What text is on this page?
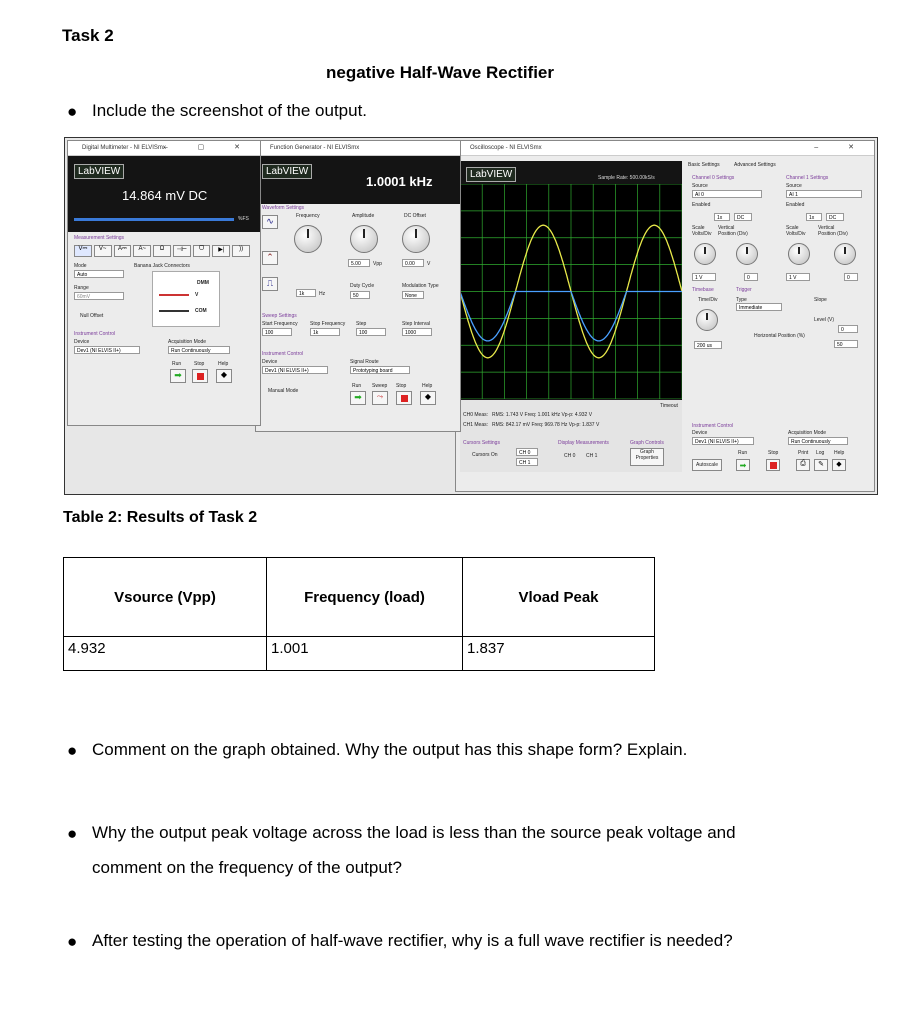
Task 2
negative Half-Wave Rectifier
● Include the screenshot of the output.
Oscilloscope - NI ELVISmx	– ✕
LabVIEW	Sample Rate: 500.00kS/s
CH0 Meas: RMS: 1.743 V Freq: 1.001 kHz Vp-p: 4.932 V
CH1 Meas: RMS: 842.17 mV Freq: 969.78 Hz Vp-p: 1.837 V
Timeout
Cursors Settings
Cursors On	CH 0
CH 1
Display Measurements
CH 0 CH 1
Graph Controls
Graph Properties
Basic Settings	Advanced Settings
Channel 0 Settings	Channel 1 Settings
Source
AI 0
Source
AI 1
Enabled	Enabled
1x	DC	1x	DC
Scale Volts/Div
Vertical Position (Div)
Scale Volts/Div
Vertical Position (Div)
1 V	0	1 V	0
Timebase
Time/Div
200 us
Trigger
Type
Immediate
Slope
Level (V)
0
Horizontal Position (%)
50
Instrument Control
Device
Dev1 (NI ELVIS II+)
Acquisition Mode
Run Continuously
Autoscale
Run	Stop	Print Log Help
➡	⎙	✎	◆
Function Generator - NI ELVISmx
LabVIEW
1.0001 kHz
Waveform Settings
∿
⌃
⎍
Frequency	Amplitude	DC Offset
5.00	Vpp	0.00	V
1k	Hz
Duty Cycle
50
Modulation Type
None
Sweep Settings
Start Frequency
100
Stop Frequency
1k
Step
100
Step Interval
1000
Instrument Control
Device
Dev1 (NI ELVIS II+)
Signal Route
Prototyping board
Manual Mode
Run Sweep Stop	Help
➡	⤳	◆
Digital Multimeter - NI ELVISmx
– ▢ ✕
LabVIEW
14.864 mV DC
%FS
Measurement Settings
V⎓	V~	A⎓	A~	Ω	⊣⊢	ᗜ	▶|	))
Mode
Auto
Banana Jack Connectors
DMM
V
COM
Range
60mV
Null Offset
Instrument Control
Device
Dev1 (NI ELVIS II+)
Acquisition Mode
Run Continuously
Run	Stop	Help
➡	◆
Table 2: Results of Task 2
Vsource (Vpp)	Frequency (load)	Vload Peak
4.932	1.001	1.837
● Comment on the graph obtained. Why the output has this shape form? Explain.
● Why the output peak voltage across the load is less than the source peak voltage and
comment on the frequency of the output?
● After testing the operation of half-wave rectifier, why is a full wave rectifier is needed?
